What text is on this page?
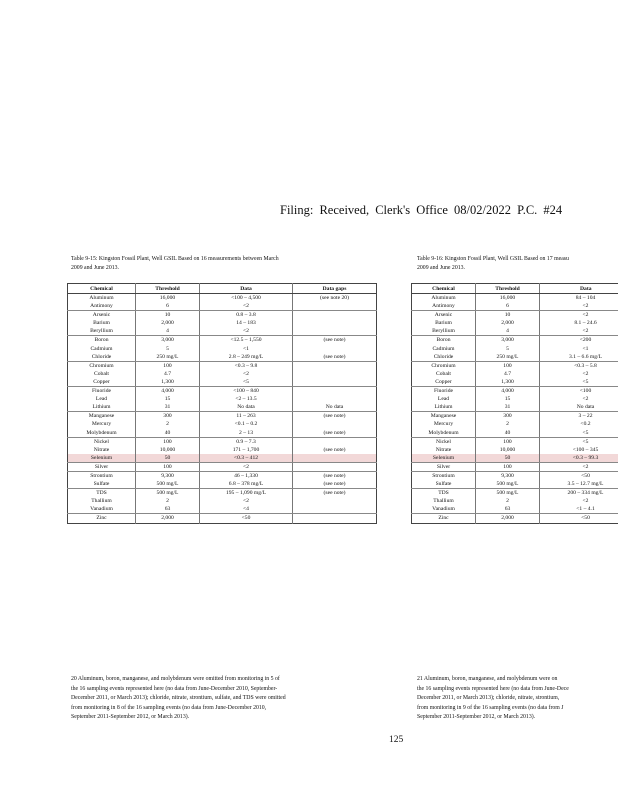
Filing: Received, Clerk's Office 08/02/2022 P.C. #24
Table 9-15: Kingston Fossil Plant, Well GSIL Based on 16 measurements between March
2009 and June 2013.
Table 9-16: Kingston Fossil Plant, Well GSIL Based on 17 measu
2009 and June 2013.
Chemical	Threshold	Data	Data gaps
Aluminum	16,000	<100 – 4,500	(see note 20)
Antimony	6	<2	
Arsenic	10	0.8 – 3.8	
Barium	2,000	14 – 183	
Beryllium	4	<2	
Boron	3,000	<12.5 – 1,550	(see note)
Cadmium	5	<1	
Chloride	250 mg/L	2.8 – 249 mg/L	(see note)
Chromium	100	<0.3 – 9.8	
Cobalt	4.7	<2	
Copper	1,300	<5	
Fluoride	4,000	<100 – 840	
Lead	15	<2 – 13.5	
Lithium	31	No data	No data
Manganese	300	11 – 263	(see note)
Mercury	2	<0.1 – 0.2	
Molybdenum	40	2 – 13	(see note)
Nickel	100	0.9 – 7.3	
Nitrate	10,000	171 – 1,700	(see note)
Selenium	50	<0.3 – 412	
Silver	100	<2	
Strontium	9,300	46 – 1,330	(see note)
Sulfate	500 mg/L	6.8 – 378 mg/L	(see note)
TDS	500 mg/L	195 – 1,090 mg/L	(see note)
Thallium	2	<2	
Vanadium	63	<4	
Zinc	2,000	<50	
Chemical	Threshold	Data
Aluminum	16,000	84 – 104
Antimony	6	<2
Arsenic	10	<2
Barium	2,000	8.1 – 24.6
Beryllium	4	<2
Boron	3,000	<200
Cadmium	5	<1
Chloride	250 mg/L	3.1 – 6.6 mg/L
Chromium	100	<0.3 – 5.8
Cobalt	4.7	<2
Copper	1,300	<5
Fluoride	4,000	<100
Lead	15	<2
Lithium	31	No data
Manganese	300	3 – 22
Mercury	2	<0.2
Molybdenum	40	<5
Nickel	100	<5
Nitrate	10,000	<100 – 345
Selenium	50	<0.3 – 99.3
Silver	100	<2
Strontium	9,300	<50
Sulfate	500 mg/L	3.5 – 12.7 mg/L
TDS	500 mg/L	200 – 334 mg/L
Thallium	2	<2
Vanadium	63	<1 – 4.1
Zinc	2,000	<50
20 Aluminum, boron, manganese, and molybdenum were omitted from monitoring in 5 of
the 16 sampling events represented here (no data from June-December 2010, September-
December 2011, or March 2013); chloride, nitrate, strontium, sulfate, and TDS were omitted
from monitoring in 8 of the 16 sampling events (no data from June-December 2010,
September 2011-September 2012, or March 2013).
21 Aluminum, boron, manganese, and molybdenum were on
the 16 sampling events represented here (no data from June-Dece
December 2011, or March 2013); chloride, nitrate, strontium,
from monitoring in 9 of the 16 sampling events (no data from J
September 2011-September 2012, or March 2013).
125
